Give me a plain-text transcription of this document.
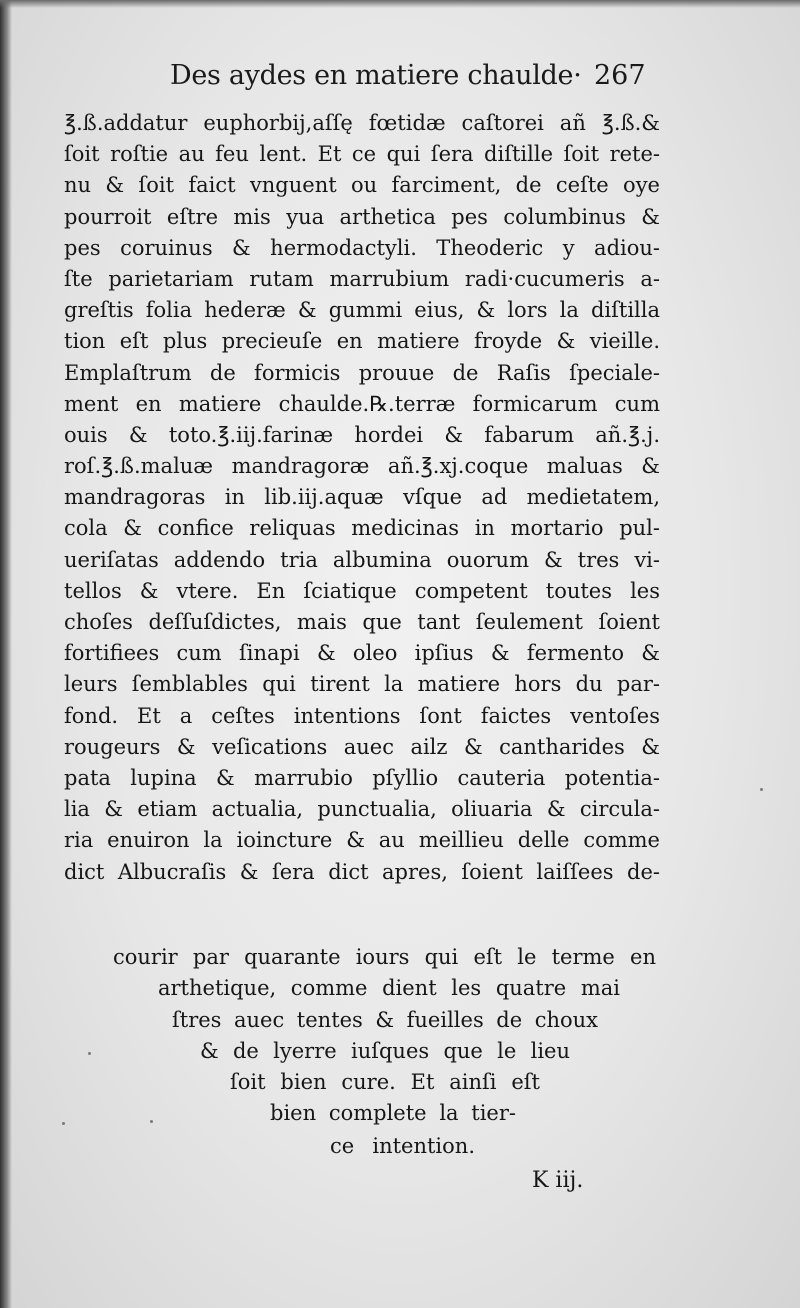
Des aydes en matiere chaulde· 267
℥.ß.addatur euphorbij,aſſę fœtidæ caſtorei añ ℥.ß.&
ſoit roſtie au feu lent. Et ce qui ſera diſtille ſoit rete-
nu & ſoit faict vnguent ou farciment, de ceſte oye
pourroit eſtre mis yua arthetica pes columbinus &
pes coruinus & hermodactyli. Theoderic y adiou-
ſte parietariam rutam marrubium radi·cucumeris a-
greſtis folia hederæ & gummi eius, & lors la diſtilla
tion eſt plus precieuſe en matiere froyde & vieille.
Emplaſtrum de formicis prouue de Raſis ſpeciale-
ment en matiere chaulde.℞.terræ formicarum cum
ouis & toto.℥.iij.farinæ hordei & fabarum añ.℥.j.
roſ.℥.ß.maluæ mandragoræ añ.℥.xj.coque maluas &
mandragoras in lib.iij.aquæ vſque ad medietatem,
cola & confice reliquas medicinas in mortario pul-
ueriſatas addendo tria albumina ouorum & tres vi-
tellos & vtere. En ſciatique competent toutes les
choſes deſſuſdictes, mais que tant ſeulement ſoient
fortifiees cum ſinapi & oleo ipſius & fermento &
leurs ſemblables qui tirent la matiere hors du par-
fond. Et a ceſtes intentions ſont faictes ventoſes
rougeurs & veſications auec ailz & cantharides &
pata lupina & marrubio pſyllio cauteria potentia-
lia & etiam actualia, punctualia, oliuaria & circula-
ria enuiron la ioincture & au meillieu delle comme
dict Albucraſis & ſera dict apres, ſoient laiſſees de-
courir par quarante iours qui eſt le terme en
arthetique, comme dient les quatre mai
ſtres auec tentes & fueilles de choux
& de lyerre iuſques que le lieu
ſoit bien cure. Et ainſi eſt
bien complete la tier-
ce intention.
K iij.
